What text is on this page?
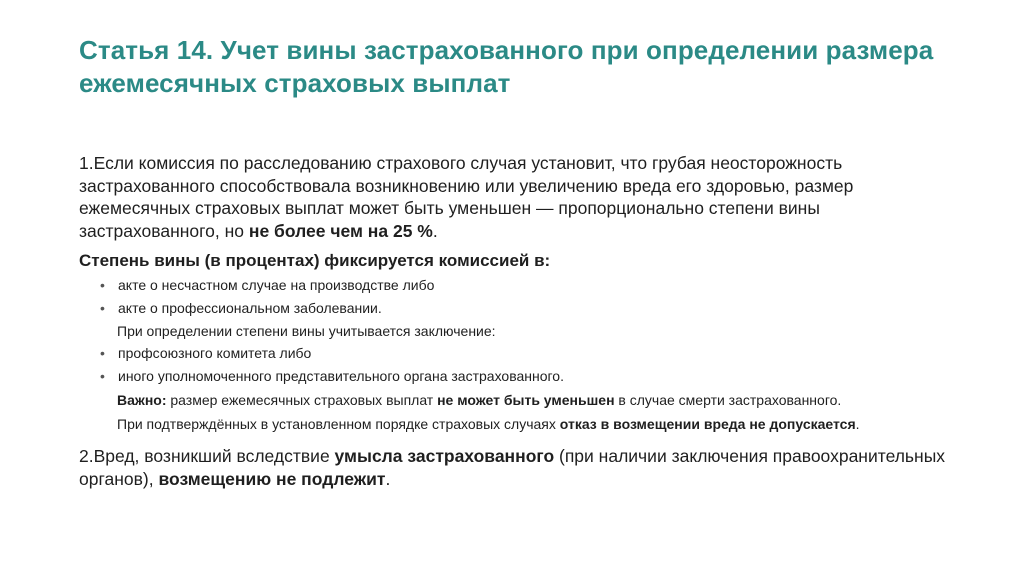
Статья 14. Учет вины застрахованного при определении размера ежемесячных страховых выплат

1.Если комиссия по расследованию страхового случая установит, что грубая неосторожность застрахованного способствовала возникновению или увеличению вреда его здоровью, размер ежемесячных страховых выплат может быть уменьшен — пропорционально степени вины застрахованного, но не более чем на 25 %.

Степень вины (в процентах) фиксируется комиссией в:

• акте о несчастном случае на производстве либо
• акте о профессиональном заболевании.

При определении степени вины учитывается заключение:

• профсоюзного комитета либо
• иного уполномоченного представительного органа застрахованного.

Важно: размер ежемесячных страховых выплат не может быть уменьшен в случае смерти застрахованного.

При подтверждённых в установленном порядке страховых случаях отказ в возмещении вреда не допускается.

2.Вред, возникший вследствие умысла застрахованного (при наличии заключения правоохранительных органов), возмещению не подлежит.
